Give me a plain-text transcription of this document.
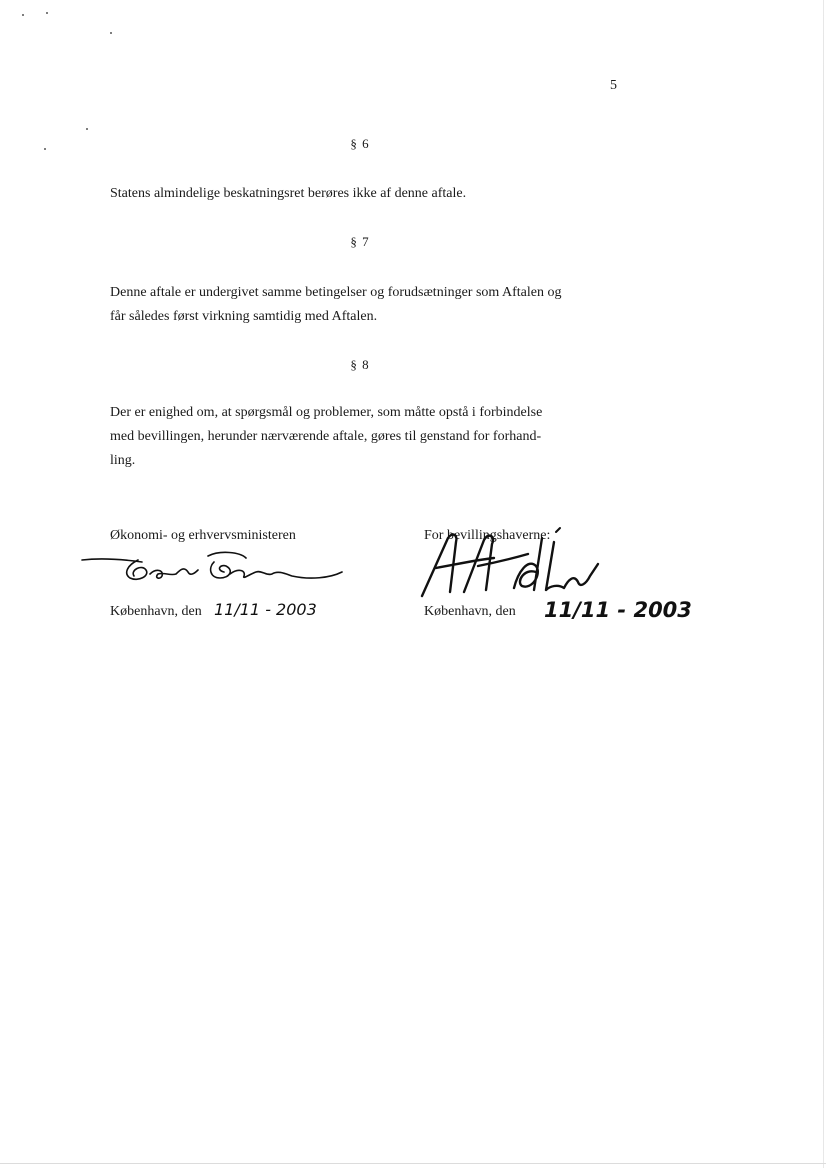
5
§ 6
Statens almindelige beskatningsret berøres ikke af denne aftale.
§ 7
Denne aftale er undergivet samme betingelser og forudsætninger som Aftalen og
får således først virkning samtidig med Aftalen.
§ 8
Der er enighed om, at spørgsmål og problemer, som måtte opstå i forbindelse
med bevillingen, herunder nærværende aftale, gøres til genstand for forhand-
ling.
Økonomi- og erhvervsministeren
København, den 11/11 - 2003
For bevillingshaverne:
København, den 11/11 - 2003
